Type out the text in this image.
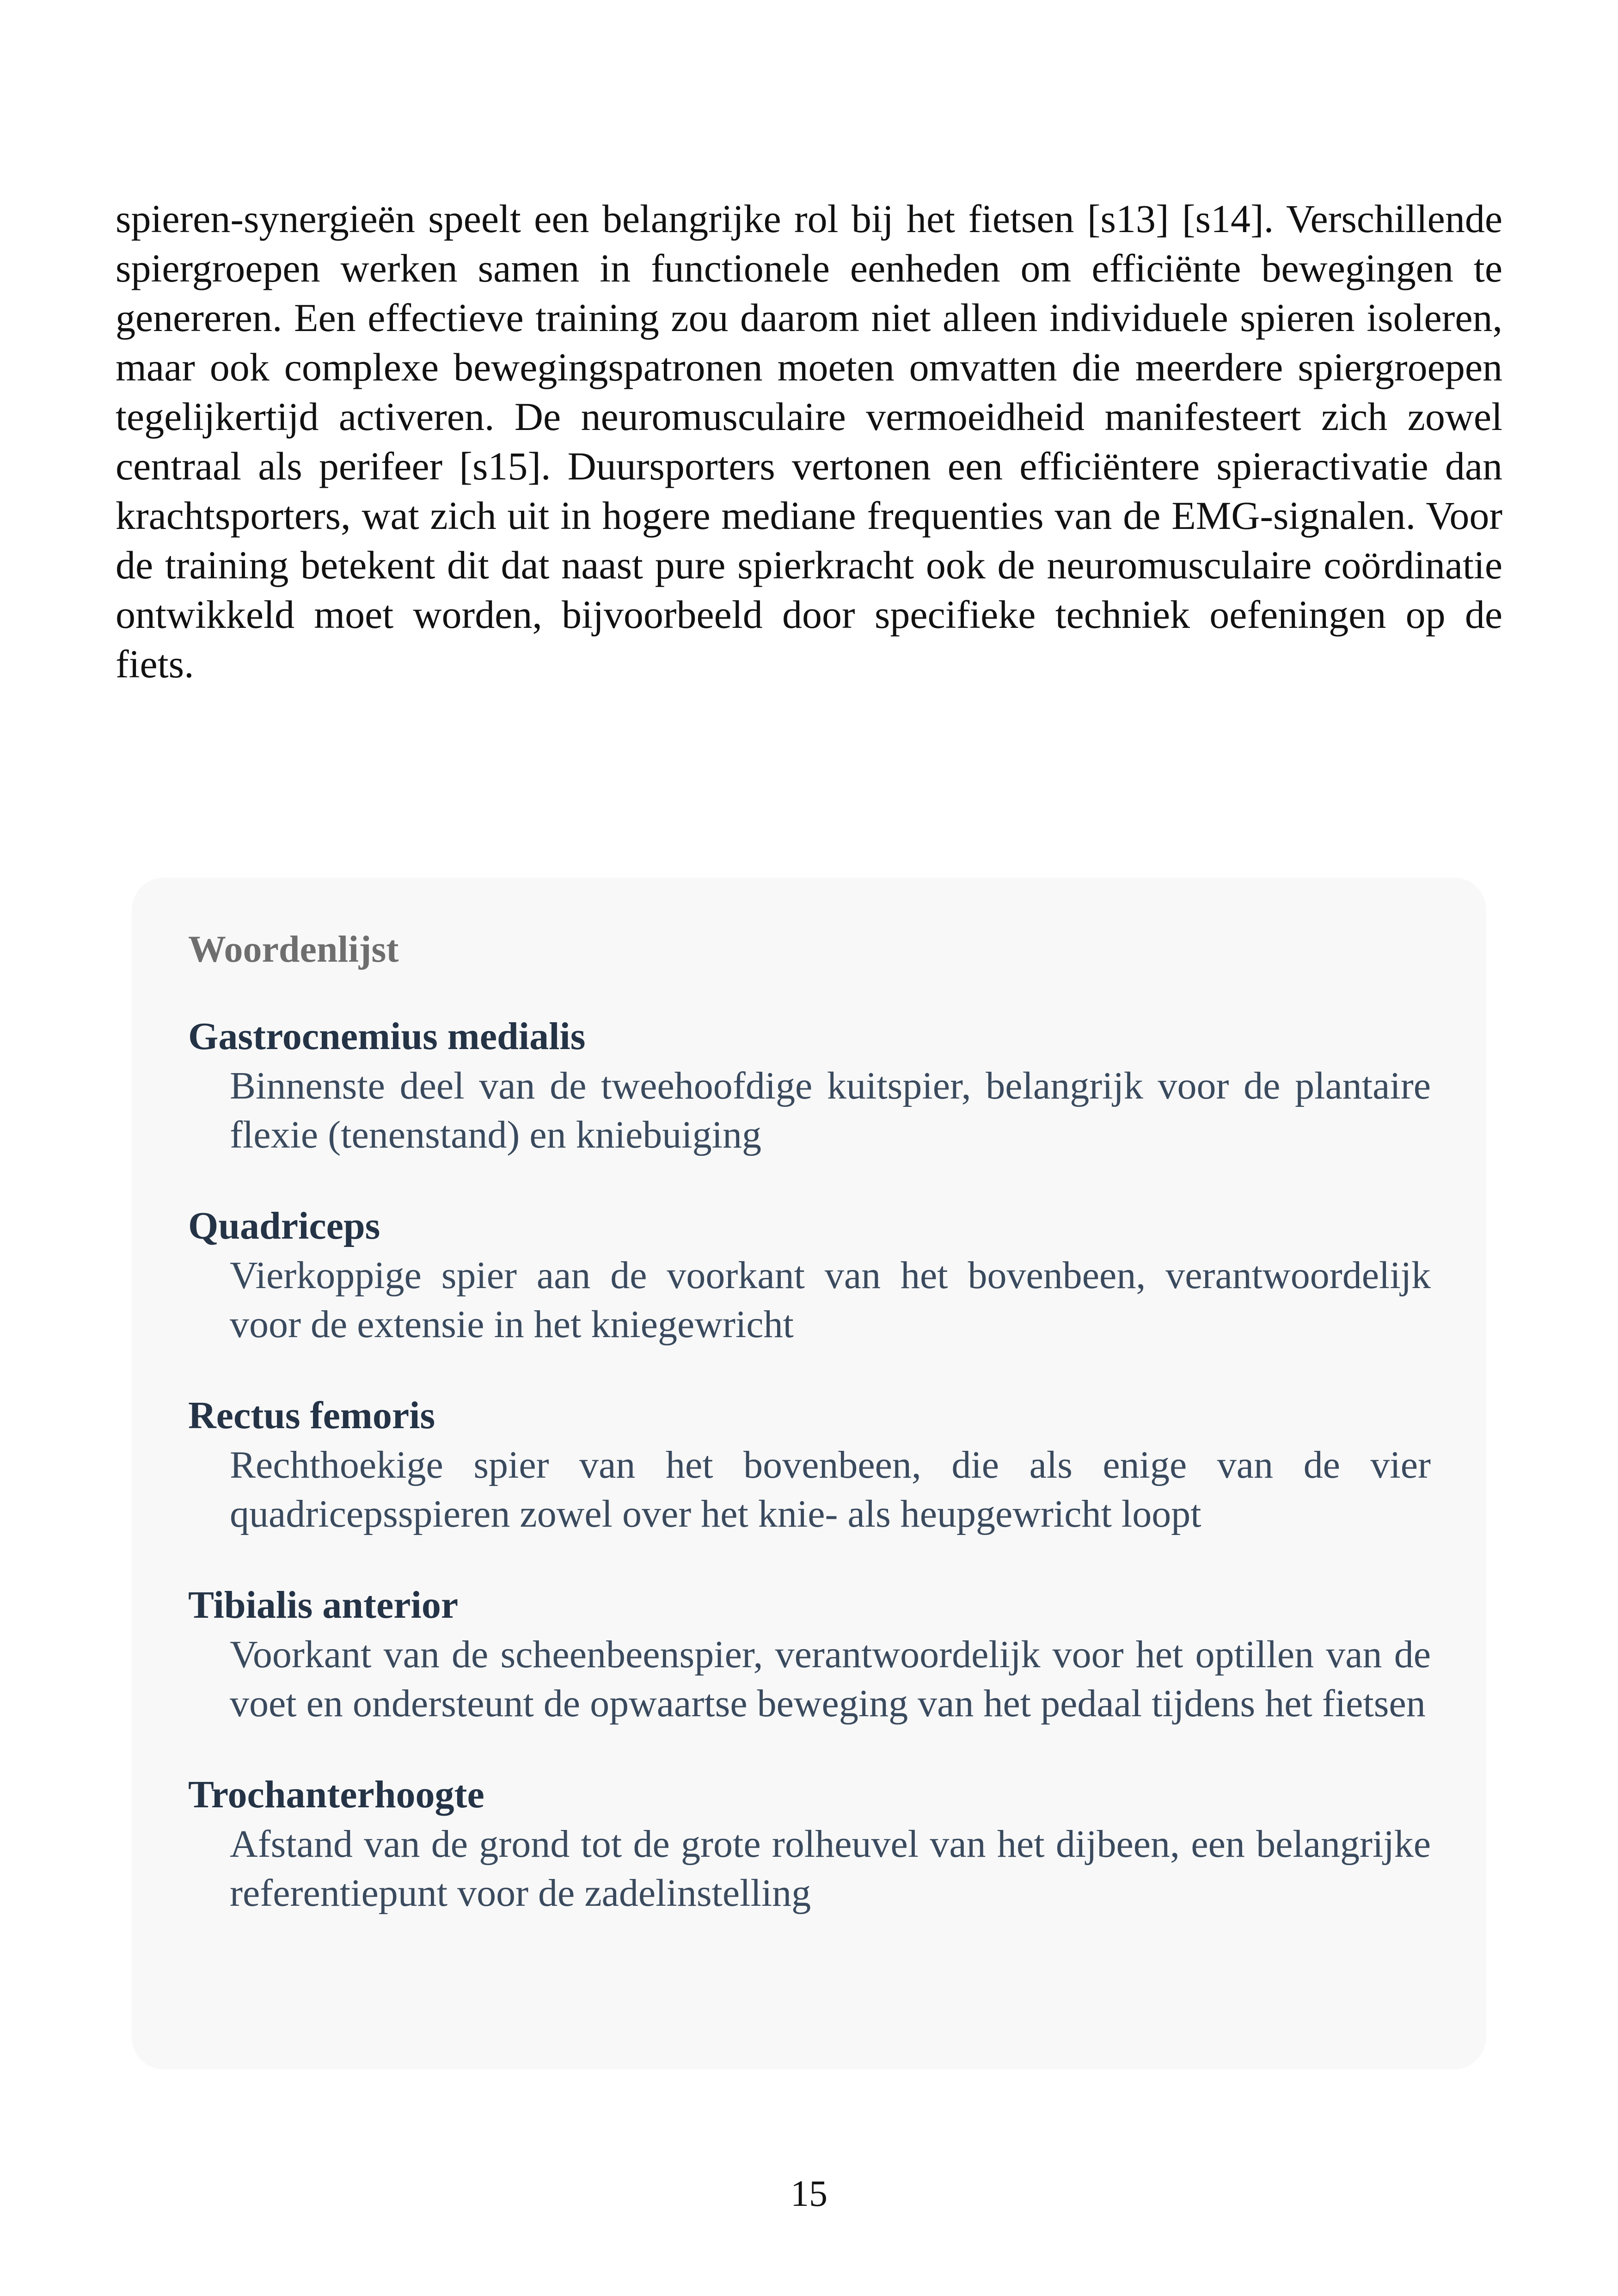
spieren-synergieën speelt een belangrijke rol bij het fietsen [s13] [s14]. Verschillende spiergroepen werken samen in functionele eenheden om efficiënte bewegingen te genereren. Een effectieve training zou daarom niet alleen individuele spieren isoleren, maar ook complexe bewegingspatronen moeten omvatten die meerdere spiergroepen tegelijkertijd activeren. De neuromusculaire vermoeidheid manifesteert zich zowel centraal als perifeer [s15]. Duursporters vertonen een efficiëntere spieractivatie dan krachtsporters, wat zich uit in hogere mediane frequenties van de EMG-signalen. Voor de training betekent dit dat naast pure spierkracht ook de neuromusculaire coördinatie ontwikkeld moet worden, bijvoorbeeld door specifieke techniek oefeningen op de fiets.

Woordenlijst

Gastrocnemius medialis

Binnenste deel van de tweehoofdige kuitspier, belangrijk voor de plantaire flexie (tenenstand) en kniebuiging

Quadriceps

Vierkoppige spier aan de voorkant van het bovenbeen, verantwoordelijk voor de extensie in het kniegewricht

Rectus femoris

Rechthoekige spier van het bovenbeen, die als enige van de vier quadricepsspieren zowel over het knie- als heupgewricht loopt

Tibialis anterior

Voorkant van de scheenbeenspier, verantwoordelijk voor het optillen van de voet en ondersteunt de opwaartse beweging van het pedaal tijdens het fietsen

Trochanterhoogte

Afstand van de grond tot de grote rolheuvel van het dijbeen, een belangrijke referentiepunt voor de zadelinstelling

15
